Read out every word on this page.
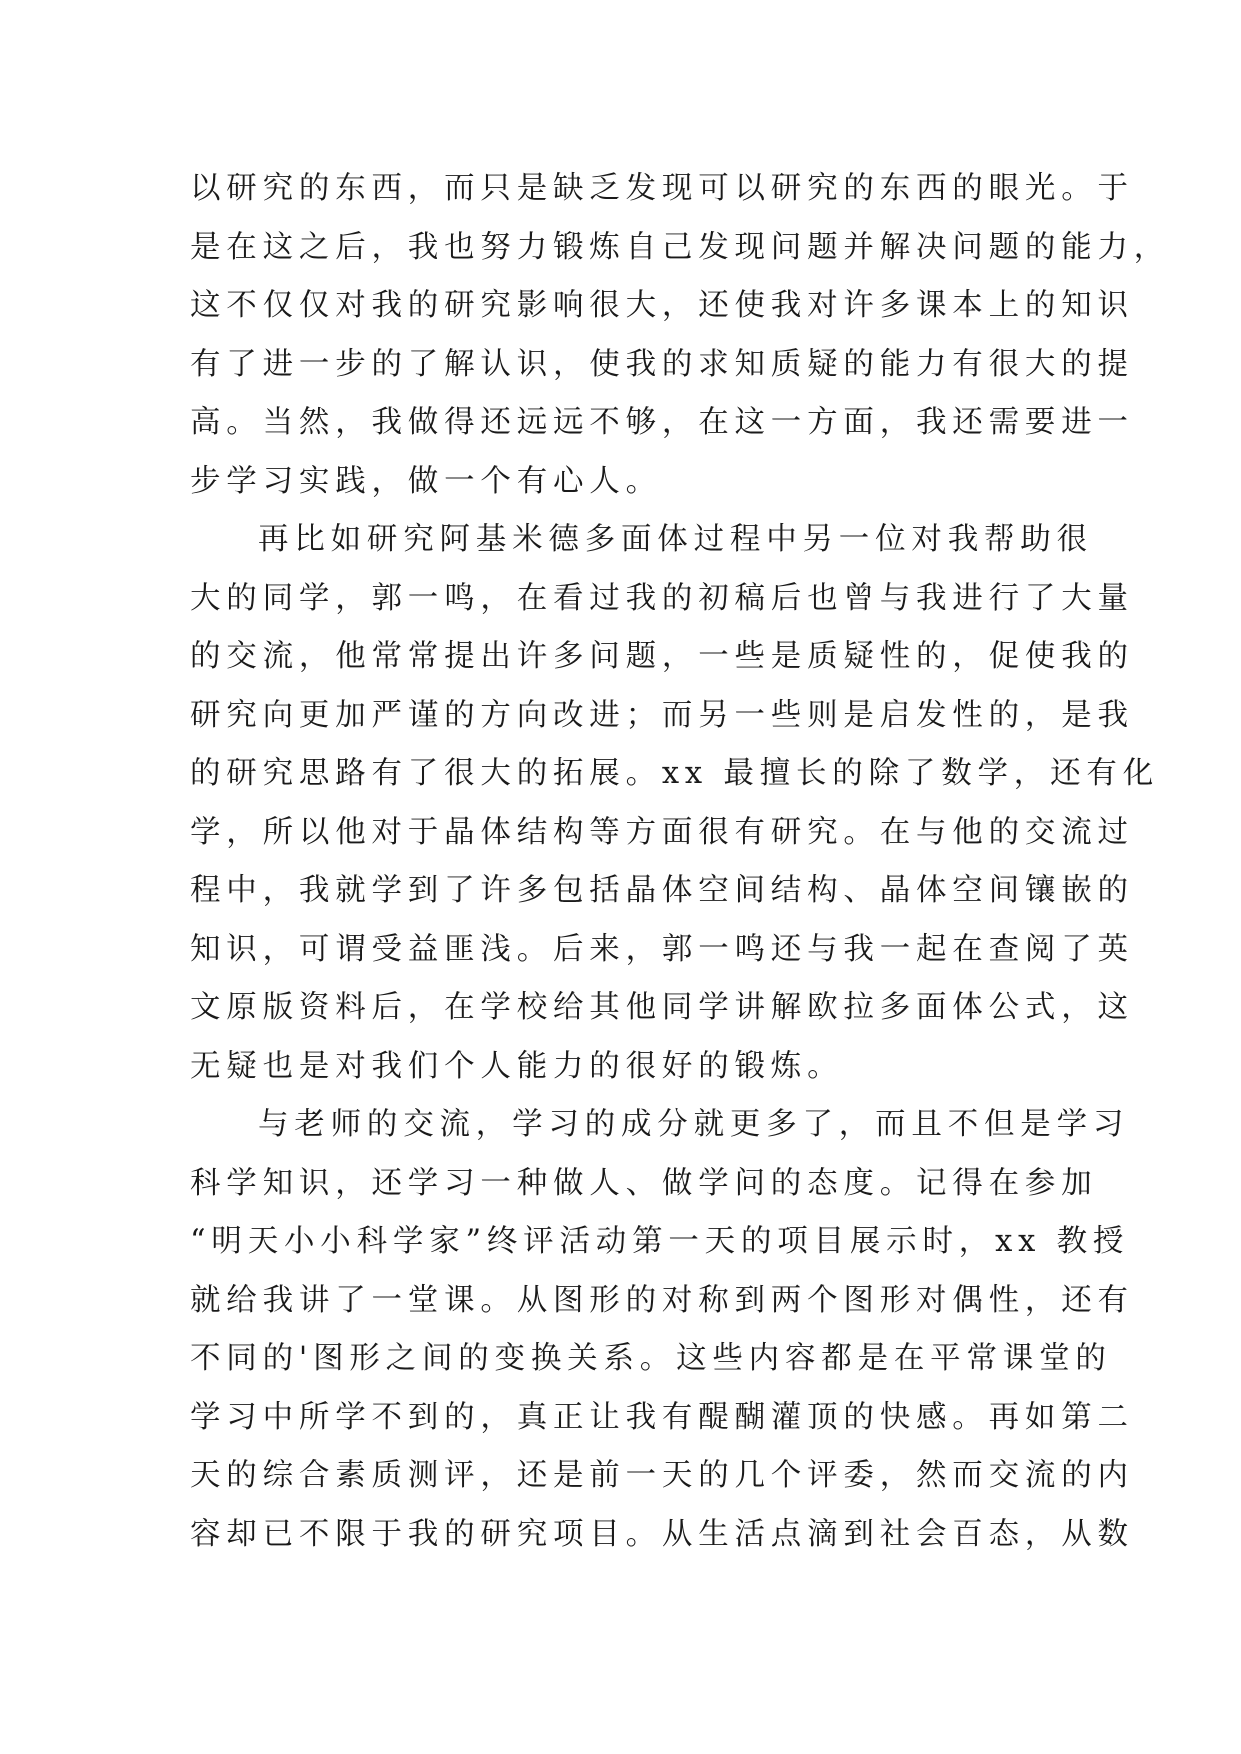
以研究的东西，而只是缺乏发现可以研究的东西的眼光。于
是在这之后，我也努力锻炼自己发现问题并解决问题的能力，
这不仅仅对我的研究影响很大，还使我对许多课本上的知识
有了进一步的了解认识，使我的求知质疑的能力有很大的提
高。当然，我做得还远远不够，在这一方面，我还需要进一
步学习实践，做一个有心人。
再比如研究阿基米德多面体过程中另一位对我帮助很
大的同学，郭一鸣，在看过我的初稿后也曾与我进行了大量
的交流，他常常提出许多问题，一些是质疑性的，促使我的
研究向更加严谨的方向改进；而另一些则是启发性的，是我
的研究思路有了很大的拓展。xx 最擅长的除了数学，还有化
学，所以他对于晶体结构等方面很有研究。在与他的交流过
程中，我就学到了许多包括晶体空间结构、晶体空间镶嵌的
知识，可谓受益匪浅。后来，郭一鸣还与我一起在查阅了英
文原版资料后，在学校给其他同学讲解欧拉多面体公式，这
无疑也是对我们个人能力的很好的锻炼。
与老师的交流，学习的成分就更多了，而且不但是学习
科学知识，还学习一种做人、做学问的态度。记得在参加
“明天小小科学家”终评活动第一天的项目展示时，xx 教授
就给我讲了一堂课。从图形的对称到两个图形对偶性，还有
不同的'图形之间的变换关系。这些内容都是在平常课堂的
学习中所学不到的，真正让我有醍醐灌顶的快感。再如第二
天的综合素质测评，还是前一天的几个评委，然而交流的内
容却已不限于我的研究项目。从生活点滴到社会百态，从数
